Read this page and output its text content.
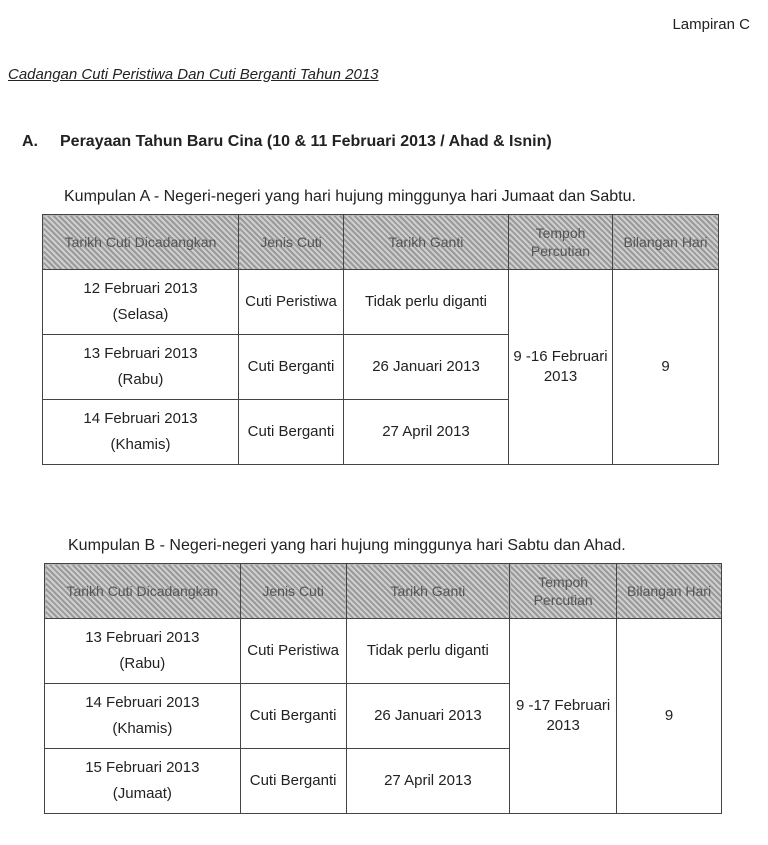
Lampiran C
Cadangan Cuti Peristiwa Dan Cuti Berganti Tahun 2013
A. Perayaan Tahun Baru Cina (10 & 11 Februari 2013 / Ahad & Isnin)
Kumpulan A - Negeri-negeri yang hari hujung minggunya hari Jumaat dan Sabtu.
Tarikh Cuti Dicadangkan	Jenis Cuti	Tarikh Ganti	Tempoh Percutian	Bilangan Hari

12 Februari 2013
(Selasa)	Cuti Peristiwa	Tidak perlu diganti	9 -16 Februari 2013	9

13 Februari 2013
(Rabu)	Cuti Berganti	26 Januari 2013		

14 Februari 2013
(Khamis)	Cuti Berganti	27 April 2013		
Kumpulan B - Negeri-negeri yang hari hujung minggunya hari Sabtu dan Ahad.
Tarikh Cuti Dicadangkan	Jenis Cuti	Tarikh Ganti	Tempoh Percutian	Bilangan Hari

13 Februari 2013
(Rabu)	Cuti Peristiwa	Tidak perlu diganti	9 -17 Februari 2013	9

14 Februari 2013
(Khamis)	Cuti Berganti	26 Januari 2013		

15 Februari 2013
(Jumaat)	Cuti Berganti	27 April 2013		
